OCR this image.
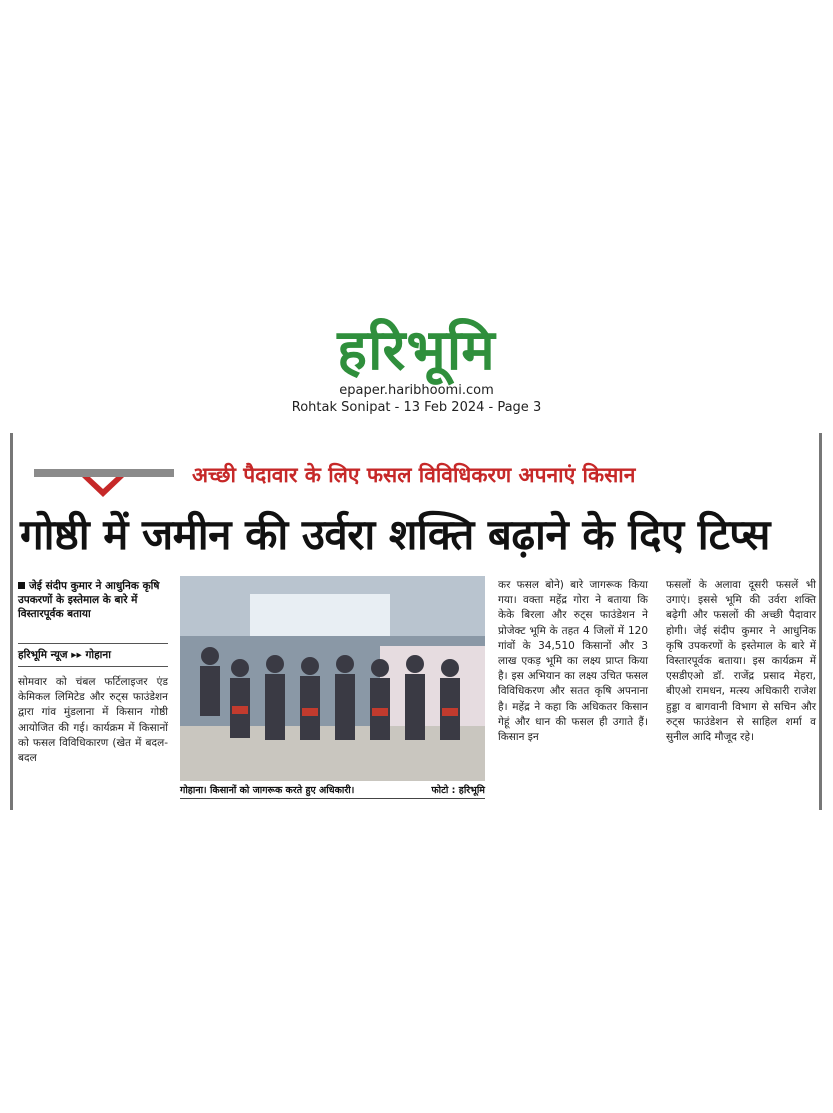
हरिभूमि
epaper.haribhoomi.com
Rohtak Sonipat - 13 Feb 2024 - Page 3
अच्छी पैदावार के लिए फसल विविधिकरण अपनाएं किसान
गोष्ठी में जमीन की उर्वरा शक्ति बढ़ाने के दिए टिप्स
जेई संदीप कुमार ने आधुनिक कृषि उपकरणों के इस्तेमाल के बारे में विस्तारपूर्वक बताया
हरिभूमि न्यूज ▸▸ गोहाना
सोमवार को चंबल फर्टिलाइजर एंड केमिकल लिमिटेड और रुट्स फाउंडेशन द्वारा गांव मुंडलाना में किसान गोष्ठी आयोजित की गई। कार्यक्रम में किसानों को फसल विविधिकारण (खेत में बदल-बदल
गोहाना। किसानों को जागरूक करते हुए अधिकारी।	फोटो : हरिभूमि
कर फसल बोने) बारे जागरूक किया गया। वक्ता महेंद्र गोरा ने बताया कि केके बिरला और रुट्स फाउंडेशन ने प्रोजेक्ट भूमि के तहत 4 जिलों में 120 गांवों के 34,510 किसानों और 3 लाख एकड़ भूमि का लक्ष्य प्राप्त किया है। इस अभियान का लक्ष्य उचित फसल विविधिकरण और सतत कृषि अपनाना है। महेंद्र ने कहा कि अधिकतर किसान गेहूं और धान की फसल ही उगाते हैं। किसान इन
फसलों के अलावा दूसरी फसलें भी उगाएं। इससे भूमि की उर्वरा शक्ति बढ़ेगी और फसलों की अच्छी पैदावार होगी। जेई संदीप कुमार ने आधुनिक कृषि उपकरणों के इस्तेमाल के बारे में विस्तारपूर्वक बताया। इस कार्यक्रम में एसडीएओ डॉ. राजेंद्र प्रसाद मेहरा, बीएओ रामधन, मत्स्य अधिकारी राजेश हुड्डा व बागवानी विभाग से सचिन और रुट्स फाउंडेशन से साहिल शर्मा व सुनील आदि मौजूद रहे।
